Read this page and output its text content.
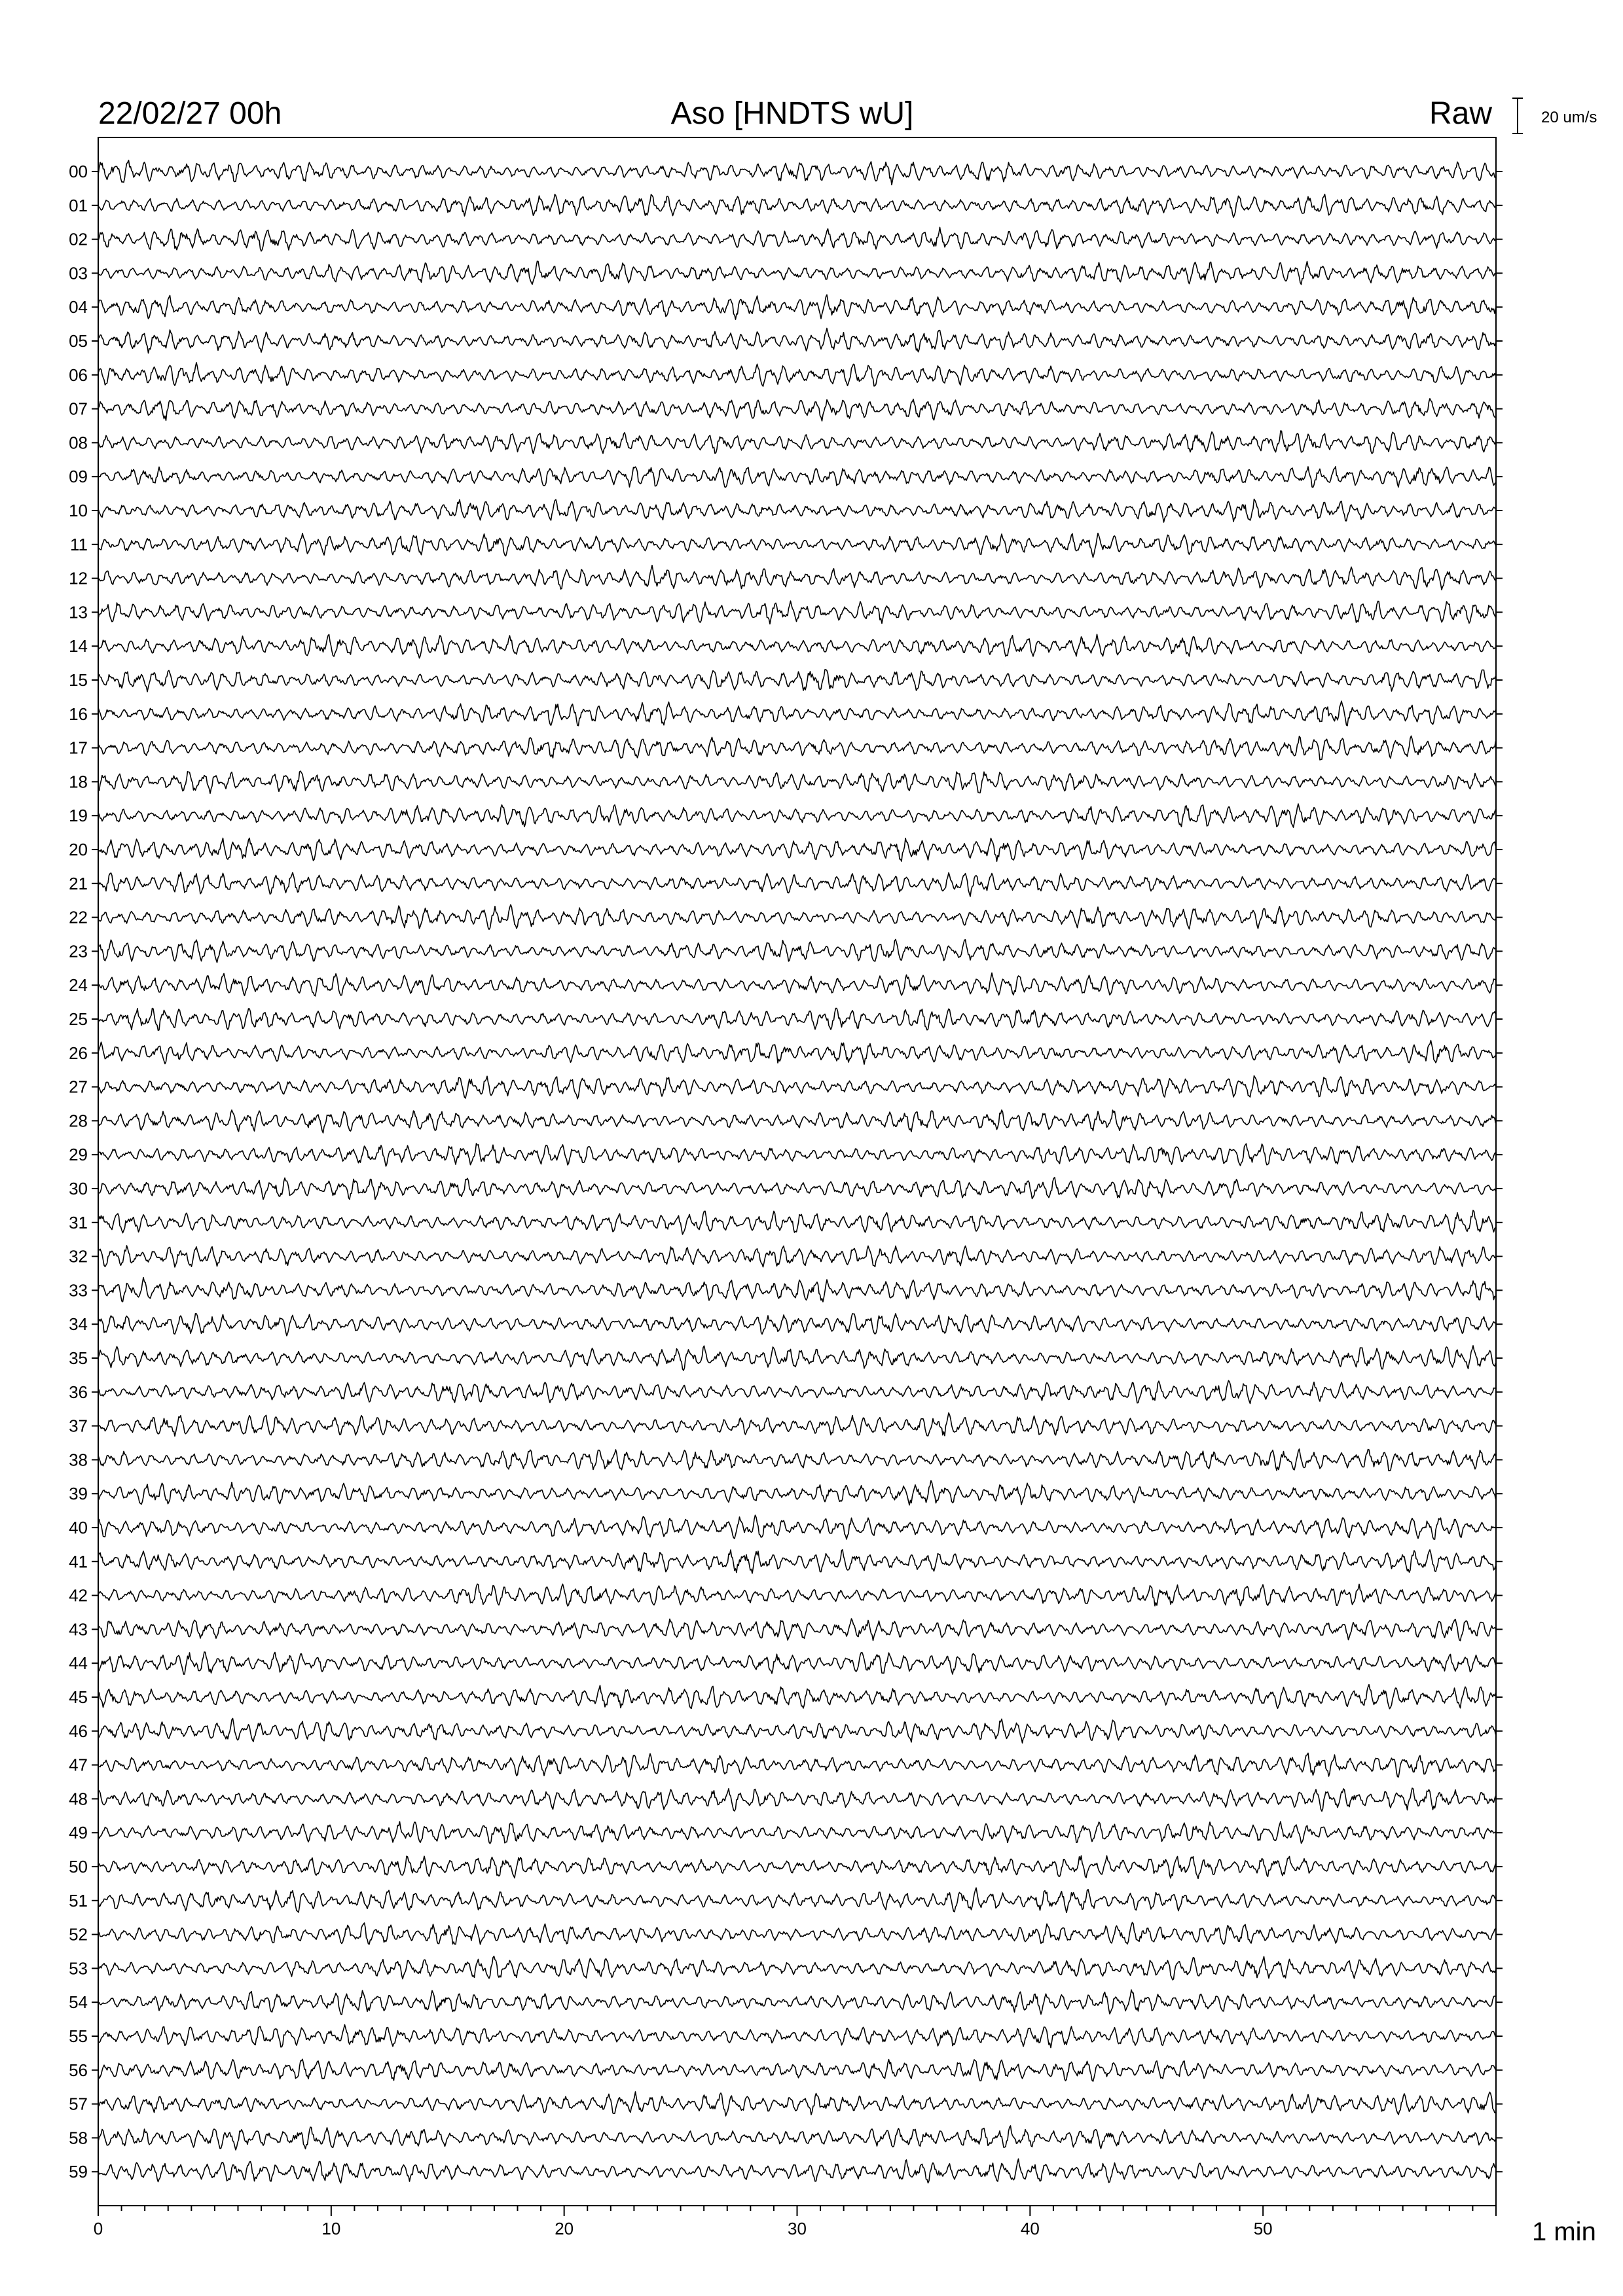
00
01
02
03
04
05
06
07
08
09
10
11
12
13
14
15
16
17
18
19
20
21
22
23
24
25
26
27
28
29
30
31
32
33
34
35
36
37
38
39
40
41
42
43
44
45
46
47
48
49
50
51
52
53
54
55
56
57
58
59
0	10	20	30	40	50
22/02/27 00h	Aso [HNDTS wU]	Raw	20 um/s
1 min
